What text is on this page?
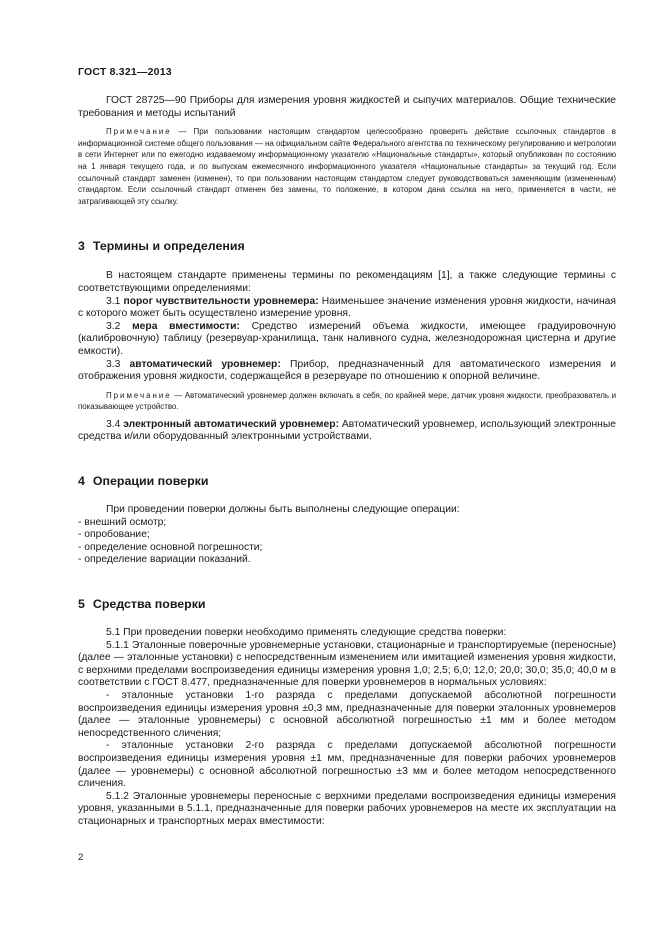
ГОСТ 8.321—2013

ГОСТ 28725—90 Приборы для измерения уровня жидкостей и сыпучих материалов. Общие технические требования и методы испытаний

Примечание — При пользовании настоящим стандартом целесообразно проверить действие ссылочных стандартов в информационной системе общего пользования — на официальном сайте Федерального агентства по техническому регулированию и метрологии в сети Интернет или по ежегодно издаваемому информационному указателю «Национальные стандарты», который опубликован по состоянию на 1 января текущего года, и по выпускам ежемесячного информационного указателя «Национальные стандарты» за текущий год. Если ссылочный стандарт заменен (изменен), то при пользовании настоящим стандартом следует руководствоваться заменяющим (измененным) стандартом. Если ссылочный стандарт отменен без замены, то положение, в котором дана ссылка на него, применяется в части, не затрагивающей эту ссылку.

3 Термины и определения

В настоящем стандарте применены термины по рекомендациям [1], а также следующие термины с соответствующими определениями:

3.1 порог чувствительности уровнемера: Наименьшее значение изменения уровня жидкости, начиная с которого может быть осуществлено измерение уровня.

3.2 мера вместимости: Средство измерений объема жидкости, имеющее градуировочную (калибровочную) таблицу (резервуар-хранилища, танк наливного судна, железнодорожная цистерна и другие емкости).

3.3 автоматический уровнемер: Прибор, предназначенный для автоматического измерения и отображения уровня жидкости, содержащейся в резервуаре по отношению к опорной величине.

Примечание — Автоматический уровнемер должен включать в себя, по крайней мере, датчик уровня жидкости, преобразователь и показывающее устройство.

3.4 электронный автоматический уровнемер: Автоматический уровнемер, использующий электронные средства и/или оборудованный электронными устройствами.

4 Операции поверки

При проведении поверки должны быть выполнены следующие операции:

- внешний осмотр;
- опробование;
- определение основной погрешности;
- определение вариации показаний.
5 Средства поверки

5.1 При проведении поверки необходимо применять следующие средства поверки:

5.1.1 Эталонные поверочные уровнемерные установки, стационарные и транспортируемые (переносные) (далее — эталонные установки) с непосредственным изменением или имитацией изменения уровня жидкости, с верхними пределами воспроизведения единицы измерения уровня 1,0; 2,5; 6,0; 12,0; 20,0; 30,0; 35,0; 40,0 м в соответствии с ГОСТ 8.477, предназначенные для поверки уровнемеров в нормальных условиях:

- эталонные установки 1-го разряда с пределами допускаемой абсолютной погрешности воспроизведения единицы измерения уровня ±0,3 мм, предназначенные для поверки эталонных уровнемеров (далее — эталонные уровнемеры) с основной абсолютной погрешностью ±1 мм и более методом непосредственного сличения;

- эталонные установки 2-го разряда с пределами допускаемой абсолютной погрешности воспроизведения единицы измерения уровня ±1 мм, предназначенные для поверки рабочих уровнемеров (далее — уровнемеры) с основной абсолютной погрешностью ±3 мм и более методом непосредственного сличения.

5.1.2 Эталонные уровнемеры переносные с верхними пределами воспроизведения единицы измерения уровня, указанными в 5.1.1, предназначенные для поверки рабочих уровнемеров на месте их эксплуатации на стационарных и транспортных мерах вместимости:

2
